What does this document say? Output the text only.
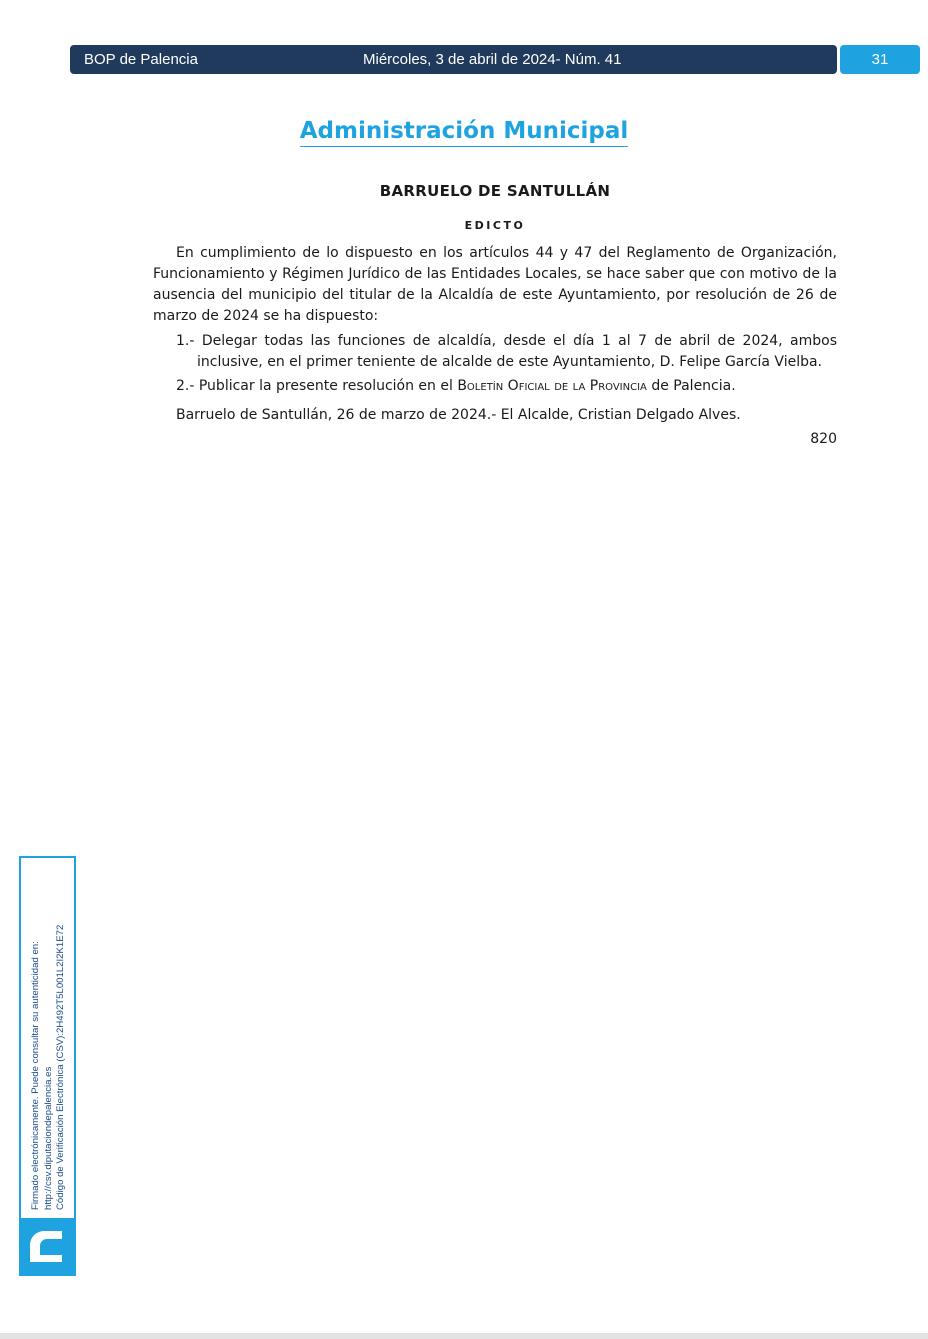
BOP de Palencia	Miércoles, 3 de abril de 2024- Núm. 41	31
Administración Municipal
BARRUELO DE SANTULLÁN
EDICTO

En cumplimiento de lo dispuesto en los artículos 44 y 47 del Reglamento de Organización, Funcionamiento y Régimen Jurídico de las Entidades Locales, se hace saber que con motivo de la ausencia del municipio del titular de la Alcaldía de este Ayuntamiento, por resolución de 26 de marzo de 2024 se ha dispuesto:

1.- Delegar todas las funciones de alcaldía, desde el día 1 al 7 de abril de 2024, ambos inclusive, en el primer teniente de alcalde de este Ayuntamiento, D. Felipe García Vielba.

2.- Publicar la presente resolución en el Boletín Oficial de la Provincia de Palencia.

Barruelo de Santullán, 26 de marzo de 2024.- El Alcalde, Cristian Delgado Alves.

820

Firmado electrónicamente. Puede consultar su autenticidad en: http://csv.diputaciondepalencia.es Código de Verificación Electrónica (CSV):2H492T5L001L2I2K1E72
